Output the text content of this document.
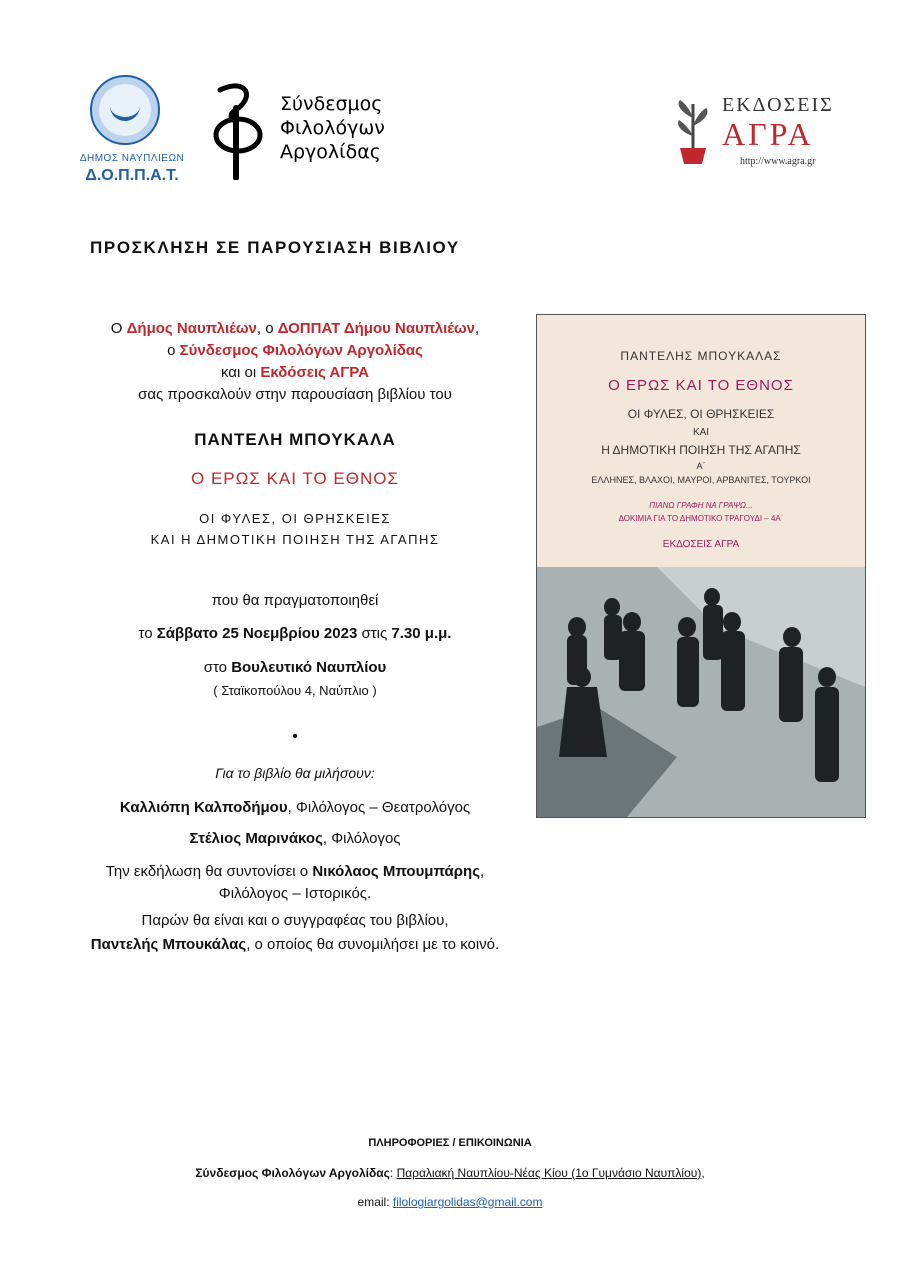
ΔΗΜΟΣ ΝΑΥΠΛΙΕΩΝ
Δ.Ο.Π.Π.Α.Τ.
Σύνδεσμος
Φιλολόγων
Αργολίδας
ΕΚΔΟΣΕΙΣ
ΑΓΡΑ
http://www.agra.gr
ΠΡΟΣΚΛΗΣΗ ΣΕ ΠΑΡΟΥΣΙΑΣΗ ΒΙΒΛΙΟΥ
Ο Δήμος Ναυπλιέων, ο ΔΟΠΠΑΤ Δήμου Ναυπλιέων,
ο Σύνδεσμος Φιλολόγων Αργολίδας
και οι Εκδόσεις ΑΓΡΑ
σας προσκαλούν στην παρουσίαση βιβλίου του
ΠΑΝΤΕΛΗ ΜΠΟΥΚΑΛΑ
Ο ΕΡΩΣ ΚΑΙ ΤΟ ΕΘΝΟΣ
ΟΙ ΦΥΛΕΣ, ΟΙ ΘΡΗΣΚΕΙΕΣ
ΚΑΙ Η ΔΗΜΟΤΙΚΗ ΠΟΙΗΣΗ ΤΗΣ ΑΓΑΠΗΣ
που θα πραγματοποιηθεί
το Σάββατο 25 Νοεμβρίου 2023 στις 7.30 μ.μ.
στο Βουλευτικό Ναυπλίου
( Σταϊκοπούλου 4, Ναύπλιο )
•
Για το βιβλίο θα μιλήσουν:
Καλλιόπη Καλποδήμου, Φιλόλογος – Θεατρολόγος
Στέλιος Μαρινάκος, Φιλόλογος
Την εκδήλωση θα συντονίσει ο Νικόλαος Μπουμπάρης,
Φιλόλογος – Ιστορικός.
Παρών θα είναι και ο συγγραφέας του βιβλίου,
Παντελής Μπουκάλας, ο οποίος θα συνομιλήσει με το κοινό.
ΠΑΝΤΕΛΗΣ ΜΠΟΥΚΑΛΑΣ
Ο ΕΡΩΣ ΚΑΙ ΤΟ ΕΘΝΟΣ
ΟΙ ΦΥΛΕΣ, ΟΙ ΘΡΗΣΚΕΙΕΣ
ΚΑΙ
Η ΔΗΜΟΤΙΚΗ ΠΟΙΗΣΗ ΤΗΣ ΑΓΑΠΗΣ
Α΄
ΕΛΛΗΝΕΣ, ΒΛΑΧΟΙ, ΜΑΥΡΟΙ, ΑΡΒΑΝΙΤΕΣ, ΤΟΥΡΚΟΙ
ΠΙΑΝΩ ΓΡΑΦΗ ΝΑ ΓΡΑΨΩ...
ΔΟΚΙΜΙΑ ΓΙΑ ΤΟ ΔΗΜΟΤΙΚΟ ΤΡΑΓΟΥΔΙ – 4Α΄
ΕΚΔΟΣΕΙΣ ΑΓΡΑ
ΠΛΗΡΟΦΟΡΙΕΣ / ΕΠΙΚΟΙΝΩΝΙΑ
Σύνδεσμος Φιλολόγων Αργολίδας: Παραλιακή Ναυπλίου-Νέας Κίου (1ο Γυμνάσιο Ναυπλίου),
email: filologiargolidas@gmail.com
